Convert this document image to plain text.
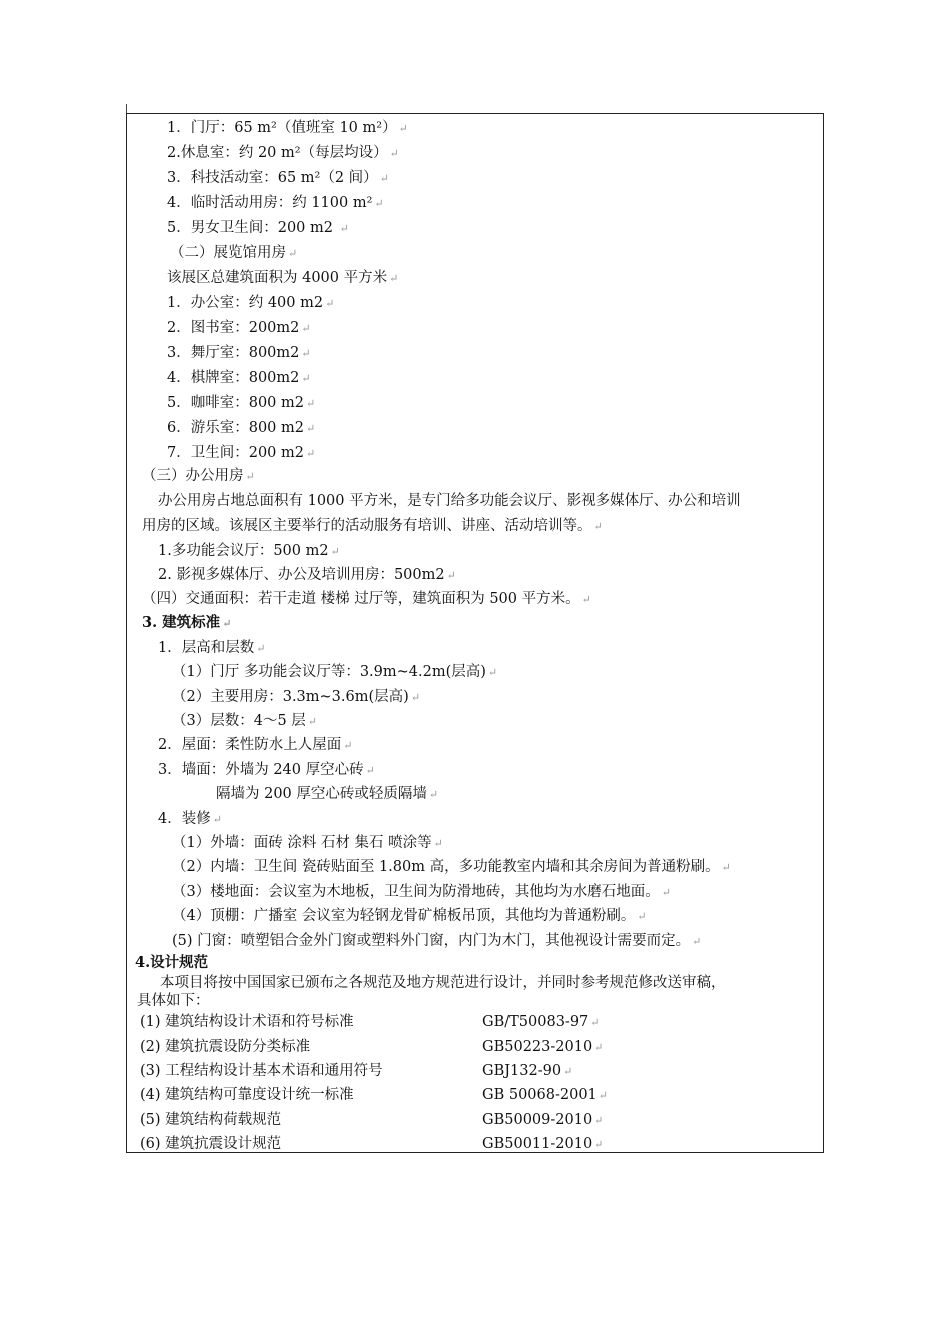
1．门厅：65 m²（值班室 10 m²） ↵
2.休息室：约 20 m²（每层均设） ↵
3．科技活动室：65 m²（2 间） ↵
4．临时活动用房：约 1100 m² ↵
5．男女卫生间：200 m2 ↵
（二）展览馆用房 ↵
该展区总建筑面积为 4000 平方米 ↵
1．办公室：约 400 m2 ↵
2．图书室：200m2 ↵
3．舞厅室：800m2 ↵
4．棋牌室：800m2 ↵
5．咖啡室：800 m2 ↵
6．游乐室：800 m2 ↵
7．卫生间：200 m2 ↵
（三）办公用房 ↵
办公用房占地总面积有 1000 平方米，是专门给多功能会议厅、影视多媒体厅、办公和培训
用房的区域。该展区主要举行的活动服务有培训、讲座、活动培训等。 ↵
1.多功能会议厅：500 m2 ↵
2. 影视多媒体厅、办公及培训用房：500m2 ↵
（四）交通面积：若干走道 楼梯 过厅等，建筑面积为 500 平方米。 ↵
3. 建筑标准 ↵
1．层高和层数 ↵
（1）门厅 多功能会议厅等：3.9m~4.2m(层高) ↵
（2）主要用房：3.3m~3.6m(层高) ↵
（3）层数：4～5 层 ↵
2．屋面：柔性防水上人屋面 ↵
3．墙面：外墙为 240 厚空心砖 ↵
隔墙为 200 厚空心砖或轻质隔墙 ↵
4．装修 ↵
（1）外墙：面砖 涂料 石材 集石 喷涂等 ↵
（2）内墙：卫生间 瓷砖贴面至 1.80m 高，多功能教室内墙和其余房间为普通粉刷。 ↵
（3）楼地面：会议室为木地板，卫生间为防滑地砖，其他均为水磨石地面。 ↵
（4）顶棚：广播室 会议室为轻钢龙骨矿棉板吊顶，其他均为普通粉刷。 ↵
(5) 门窗：喷塑铝合金外门窗或塑料外门窗，内门为木门，其他视设计需要而定。 ↵
4.设计规范
本项目将按中国国家已颁布之各规范及地方规范进行设计，并同时参考规范修改送审稿，
具体如下：
(1) 建筑结构设计术语和符号标准	GB/T50083-97 ↵
(2) 建筑抗震设防分类标准	GB50223-2010 ↵
(3) 工程结构设计基本术语和通用符号	GBJ132-90 ↵
(4) 建筑结构可靠度设计统一标准	GB 50068-2001 ↵
(5) 建筑结构荷载规范	GB50009-2010 ↵
(6) 建筑抗震设计规范	GB50011-2010 ↵
